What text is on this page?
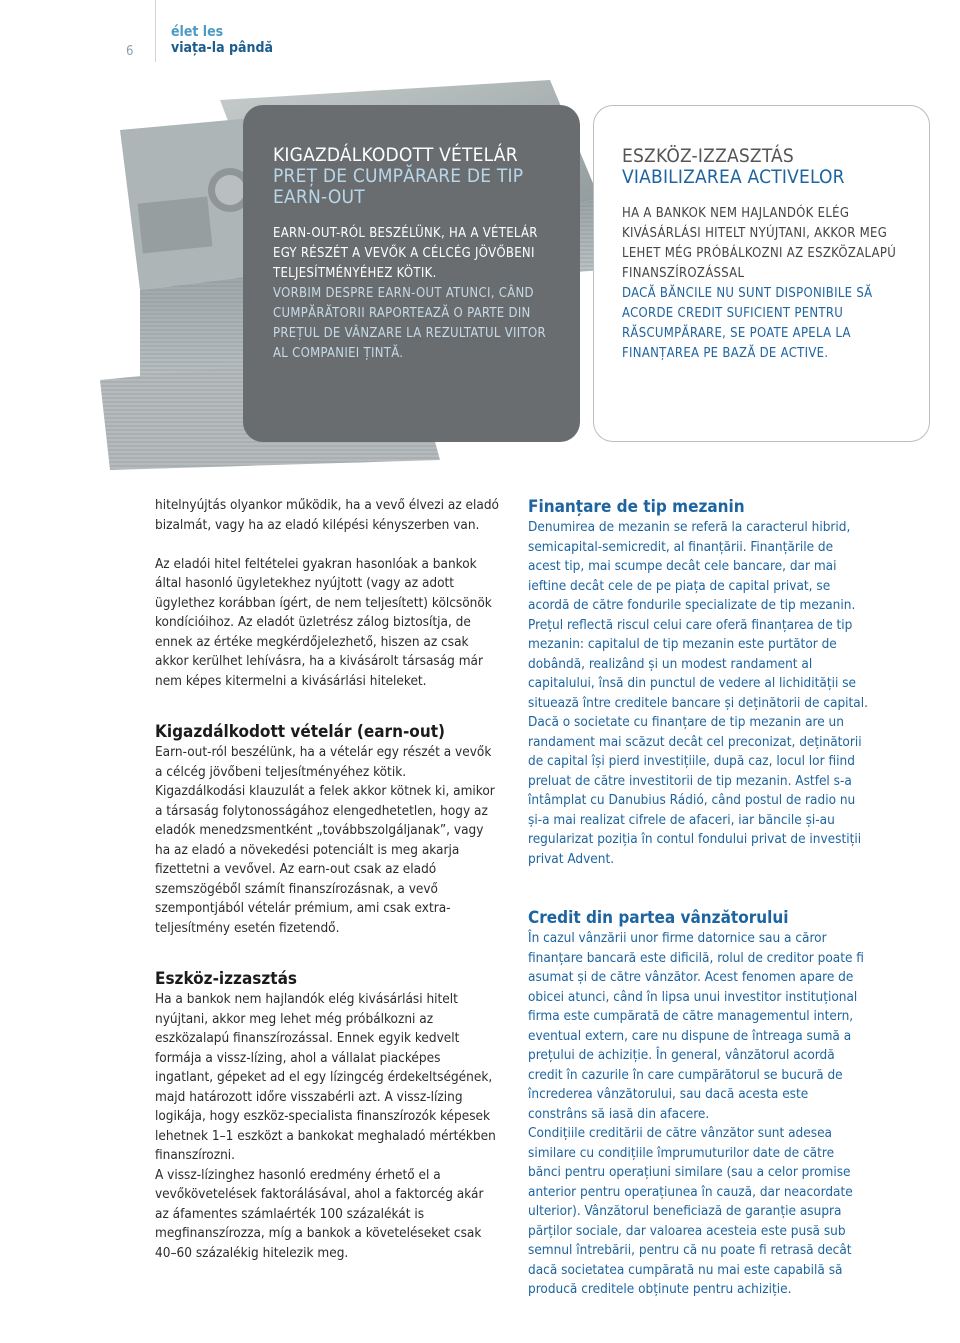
6
élet les
viața-la pândă
KIGAZDÁLKODOTT VÉTELÁR
PREȚ DE CUMPĂRARE DE TIP EARN-OUT
EARN-OUT-RÓL BESZÉLÜNK, HA A VÉTELÁR EGY RÉSZÉT A VEVŐK A CÉLCÉG JÖVŐBENI TELJESÍTMÉNYÉHEZ KÖTIK.
VORBIM DESPRE EARN-OUT ATUNCI, CÂND CUMPĂRĂTORII RAPORTEAZĂ O PARTE DIN PREȚUL DE VÂNZARE LA REZULTATUL VIITOR AL COMPANIEI ȚINTĂ.
ESZKÖZ-IZZASZTÁS
VIABILIZAREA ACTIVELOR
HA A BANKOK NEM HAJLANDÓK ELÉG KIVÁSÁRLÁSI HITELT NYÚJTANI, AKKOR MEG LEHET MÉG PRÓBÁLKOZNI AZ ESZKÖZALAPÚ FINANSZÍROZÁSSAL
DACĂ BĂNCILE NU SUNT DISPONIBILE SĂ ACORDE CREDIT SUFICIENT PENTRU RĂSCUMPĂRARE, SE POATE APELA LA FINANȚAREA PE BAZĂ DE ACTIVE.

hitelnyújtás olyankor működik, ha a vevő élvezi az eladó bizalmát, vagy ha az eladó kilépési kényszerben van.

Az eladói hitel feltételei gyakran hasonlóak a bankok által hasonló ügyletekhez nyújtott (vagy az adott ügylethez korábban ígért, de nem teljesített) kölcsönök kondícióihoz. Az eladót üzletrész zálog biztosítja, de ennek az értéke megkérdőjelezhető, hiszen az csak akkor kerülhet lehívásra, ha a kivásárolt társaság már nem képes kitermelni a kivásárlási hiteleket.

Kigazdálkodott vételár (earn-out)

Earn-out-ról beszélünk, ha a vételár egy részét a vevők a célcég jövőbeni teljesítményéhez kötik. Kigazdálkodási klauzulát a felek akkor kötnek ki, amikor a társaság folytonosságához elengedhetetlen, hogy az eladók menedzsmentként „továbbszolgáljanak”, vagy ha az eladó a növekedési potenciált is meg akarja fizettetni a vevővel. Az earn-out csak az eladó szemszögéből számít finanszírozásnak, a vevő szempontjából vételár prémium, ami csak extra-teljesítmény esetén fizetendő.

Eszköz-izzasztás

Ha a bankok nem hajlandók elég kivásárlási hitelt nyújtani, akkor meg lehet még próbálkozni az eszközalapú finanszírozással. Ennek egyik kedvelt formája a vissz-lízing, ahol a vállalat piacképes ingatlant, gépeket ad el egy lízingcég érdekeltségének, majd határozott időre visszabérli azt. A vissz-lízing logikája, hogy eszköz-specialista finanszírozók képesek lehetnek 1–1 eszközt a bankokat meghaladó mértékben finanszírozni.

A vissz-lízinghez hasonló eredmény érhető el a vevőkövetelések faktorálásával, ahol a faktorcég akár az áfamentes számlaérték 100 százalékát is megfinanszírozza, míg a bankok a követeléseket csak 40–60 százalékig hitelezik meg.

Finanțare de tip mezanin

Denumirea de mezanin se referă la caracterul hibrid, semicapital-semicredit, al finanțării. Finanțările de acest tip, mai scumpe decât cele bancare, dar mai ieftine decât cele de pe piața de capital privat, se acordă de către fondurile specializate de tip mezanin. Prețul reflectă riscul celui care oferă finanțarea de tip mezanin: capitalul de tip mezanin este purtător de dobândă, realizând și un modest randament al capitalului, însă din punctul de vedere al lichidității se situează între creditele bancare și deținătorii de capital. Dacă o societate cu finanțare de tip mezanin are un randament mai scăzut decât cel preconizat, deținătorii de capital își pierd investițiile, după caz, locul lor fiind preluat de către investitorii de tip mezanin. Astfel s-a întâmplat cu Danubius Rádió, când postul de radio nu și-a mai realizat cifrele de afaceri, iar băncile și-au regularizat poziția în contul fondului privat de investiții privat Advent.

Credit din partea vânzătorului

În cazul vânzării unor firme datornice sau a căror finanțare bancară este dificilă, rolul de creditor poate fi asumat și de către vânzător. Acest fenomen apare de obicei atunci, când în lipsa unui investitor instituțional firma este cumpărată de către managementul intern, eventual extern, care nu dispune de întreaga sumă a prețului de achiziție. În general, vânzătorul acordă credit în cazurile în care cumpărătorul se bucură de încrederea vânzătorului, sau dacă acesta este constrâns să iasă din afacere.

Condițiile creditării de către vânzător sunt adesea similare cu condițiile împrumuturilor date de către bănci pentru operațiuni similare (sau a celor promise anterior pentru operațiunea în cauză, dar neacordate ulterior). Vânzătorul beneficiază de garanție asupra părților sociale, dar valoarea acesteia este pusă sub semnul întrebării, pentru că nu poate fi retrasă decât dacă societatea cumpărată nu mai este capabilă să producă creditele obținute pentru achiziție.
